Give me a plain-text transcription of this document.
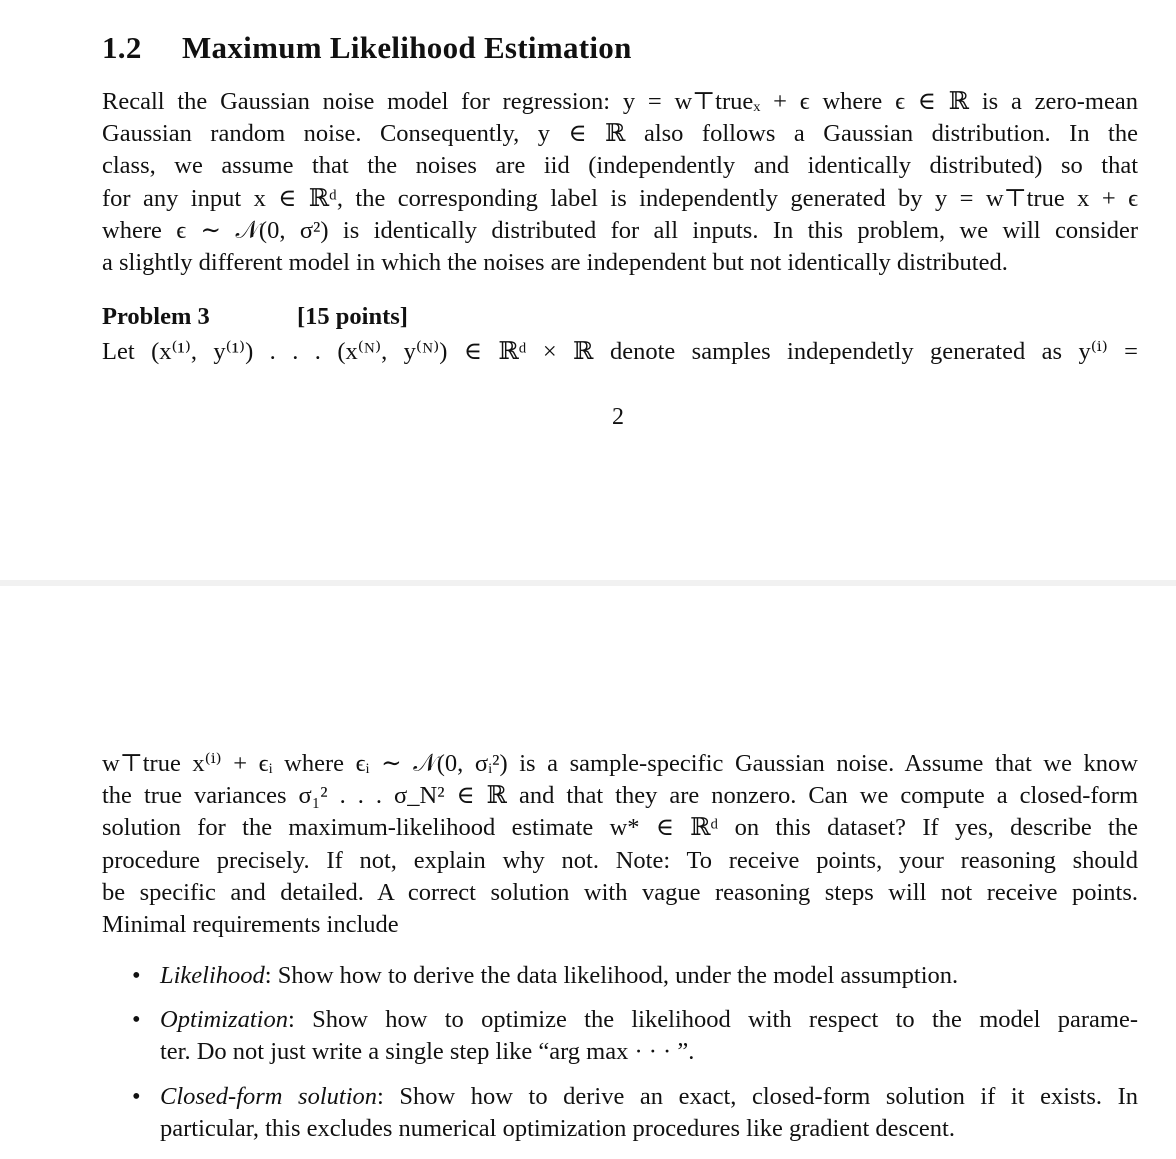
1.2 Maximum Likelihood Estimation
Recall the Gaussian noise model for regression: y = w⊤trueₓ + ϵ where ϵ ∈ ℝ is a zero-mean
Gaussian random noise. Consequently, y ∈ ℝ also follows a Gaussian distribution. In the
class, we assume that the noises are iid (independently and identically distributed) so that
for any input x ∈ ℝᵈ, the corresponding label is independently generated by y = w⊤true x + ϵ
where ϵ ∼ 𝒩(0, σ²) is identically distributed for all inputs. In this problem, we will consider
a slightly different model in which the noises are independent but not identically distributed.
Problem 3	[15 points]
Let (x⁽¹⁾, y⁽¹⁾) . . . (x⁽ᴺ⁾, y⁽ᴺ⁾) ∈ ℝᵈ × ℝ denote samples independetly generated as y⁽ⁱ⁾ =
2
w⊤true x⁽ⁱ⁾ + ϵᵢ where ϵᵢ ∼ 𝒩(0, σᵢ²) is a sample-specific Gaussian noise. Assume that we know
the true variances σ₁² . . . σ_N² ∈ ℝ and that they are nonzero. Can we compute a closed-form
solution for the maximum-likelihood estimate w* ∈ ℝᵈ on this dataset? If yes, describe the
procedure precisely. If not, explain why not. Note: To receive points, your reasoning should
be specific and detailed. A correct solution with vague reasoning steps will not receive points.
Minimal requirements include
• Likelihood: Show how to derive the data likelihood, under the model assumption.
• Optimization: Show how to optimize the likelihood with respect to the model parame-
ter. Do not just write a single step like “arg max · · · ”.
• Closed-form solution: Show how to derive an exact, closed-form solution if it exists. In
particular, this excludes numerical optimization procedures like gradient descent.
